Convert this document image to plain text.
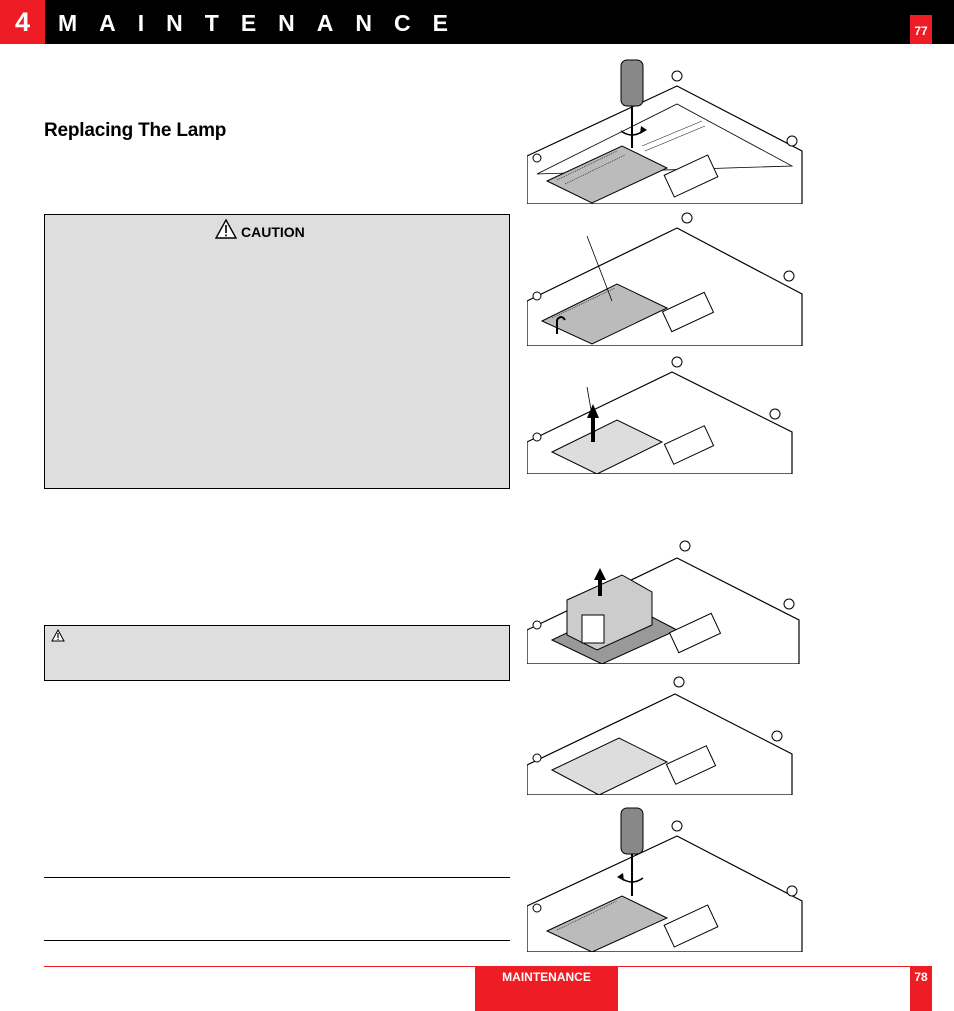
4	MAINTENANCE	77
Replacing The Lamp
CAUTION
MAINTENANCE	78
